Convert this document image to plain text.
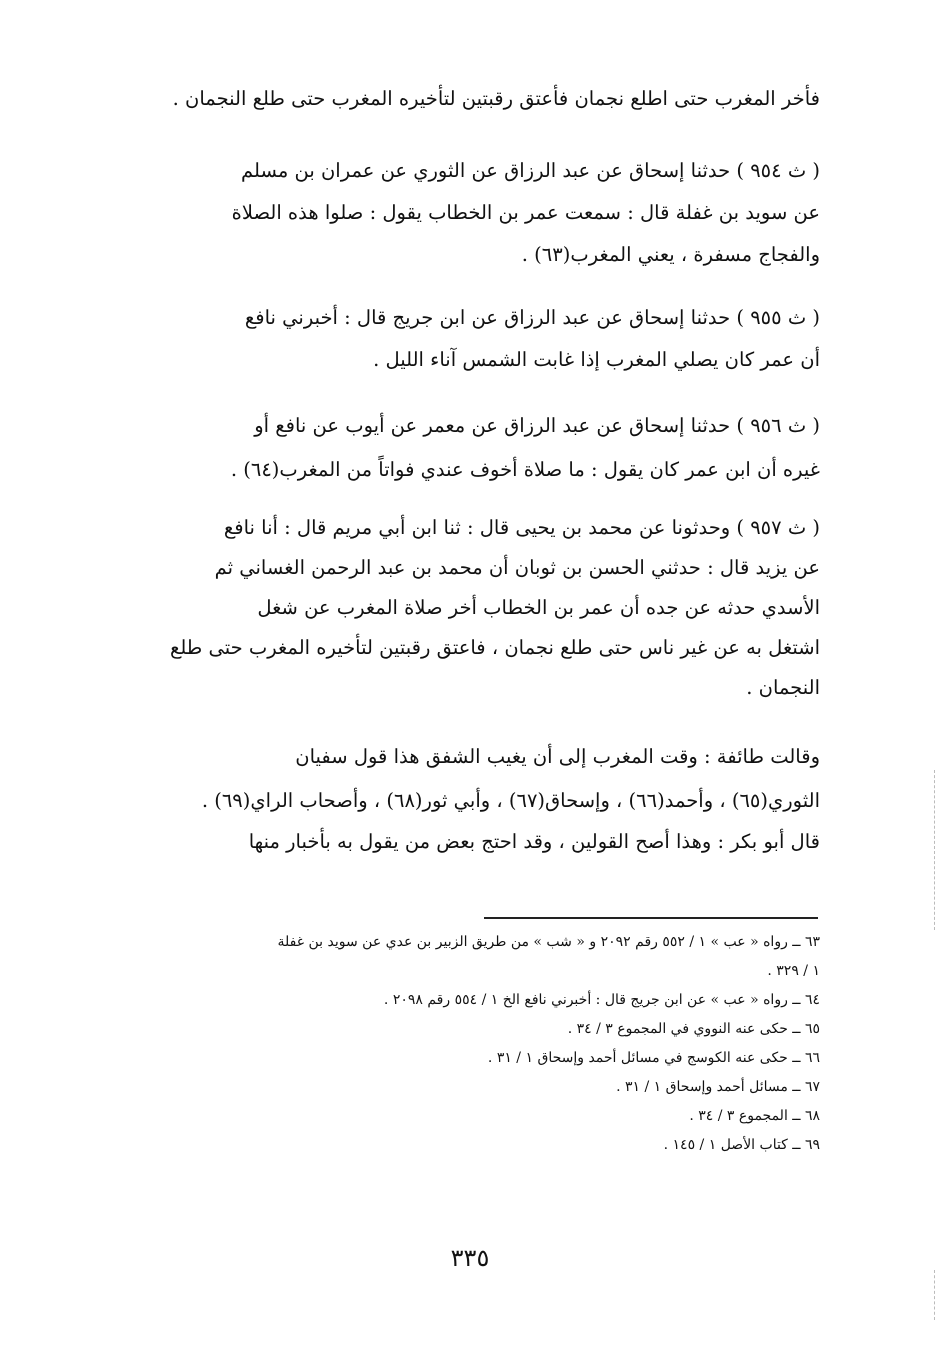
فأخر المغرب حتى اطلع نجمان فأعتق رقبتين لتأخيره المغرب حتى طلع النجمان .
( ث ٩٥٤ ) حدثنا إسحاق عن عبد الرزاق عن الثوري عن عمران بن مسلم
عن سويد بن غفلة قال : سمعت عمر بن الخطاب يقول : صلوا هذه الصلاة
والفجاج مسفرة ، يعني المغرب(٦٣) .
( ث ٩٥٥ ) حدثنا إسحاق عن عبد الرزاق عن ابن جريج قال : أخبرني نافع
أن عمر كان يصلي المغرب إذا غابت الشمس آناء الليل .
( ث ٩٥٦ ) حدثنا إسحاق عن عبد الرزاق عن معمر عن أيوب عن نافع أو
غيره أن ابن عمر كان يقول : ما صلاة أخوف عندي فواتاً من المغرب(٦٤) .
( ث ٩٥٧ ) وحدثونا عن محمد بن يحيى قال : ثنا ابن أبي مريم قال : أنا نافع
عن يزيد قال : حدثني الحسن بن ثوبان أن محمد بن عبد الرحمن الغساني ثم
الأسدي حدثه عن جده أن عمر بن الخطاب أخر صلاة المغرب عن شغل
اشتغل به عن غير ناس حتى طلع نجمان ، فاعتق رقبتين لتأخيره المغرب حتى طلع
النجمان .
وقالت طائفة : وقت المغرب إلى أن يغيب الشفق هذا قول سفيان
الثوري(٦٥) ، وأحمد(٦٦) ، وإسحاق(٦٧) ، وأبي ثور(٦٨) ، وأصحاب الراي(٦٩) .
قال أبو بكر : وهذا أصح القولين ، وقد احتج بعض من يقول به بأخبار منها
٦٣ ــ رواه « عب » ١ / ٥٥٢ رقم ٢٠٩٢ و « شب » من طريق الزبير بن عدي عن سويد بن غفلة
١ / ٣٢٩ .
٦٤ ــ رواه « عب » عن ابن جريج قال : أخبرني نافع الخ ١ / ٥٥٤ رقم ٢٠٩٨ .
٦٥ ــ حكى عنه النووي في المجموع ٣ / ٣٤ .
٦٦ ــ حكى عنه الكوسج في مسائل أحمد وإسحاق ١ / ٣١ .
٦٧ ــ مسائل أحمد وإسحاق ١ / ٣١ .
٦٨ ــ المجموع ٣ / ٣٤ .
٦٩ ــ كتاب الأصل ١ / ١٤٥ .
٣٣٥
